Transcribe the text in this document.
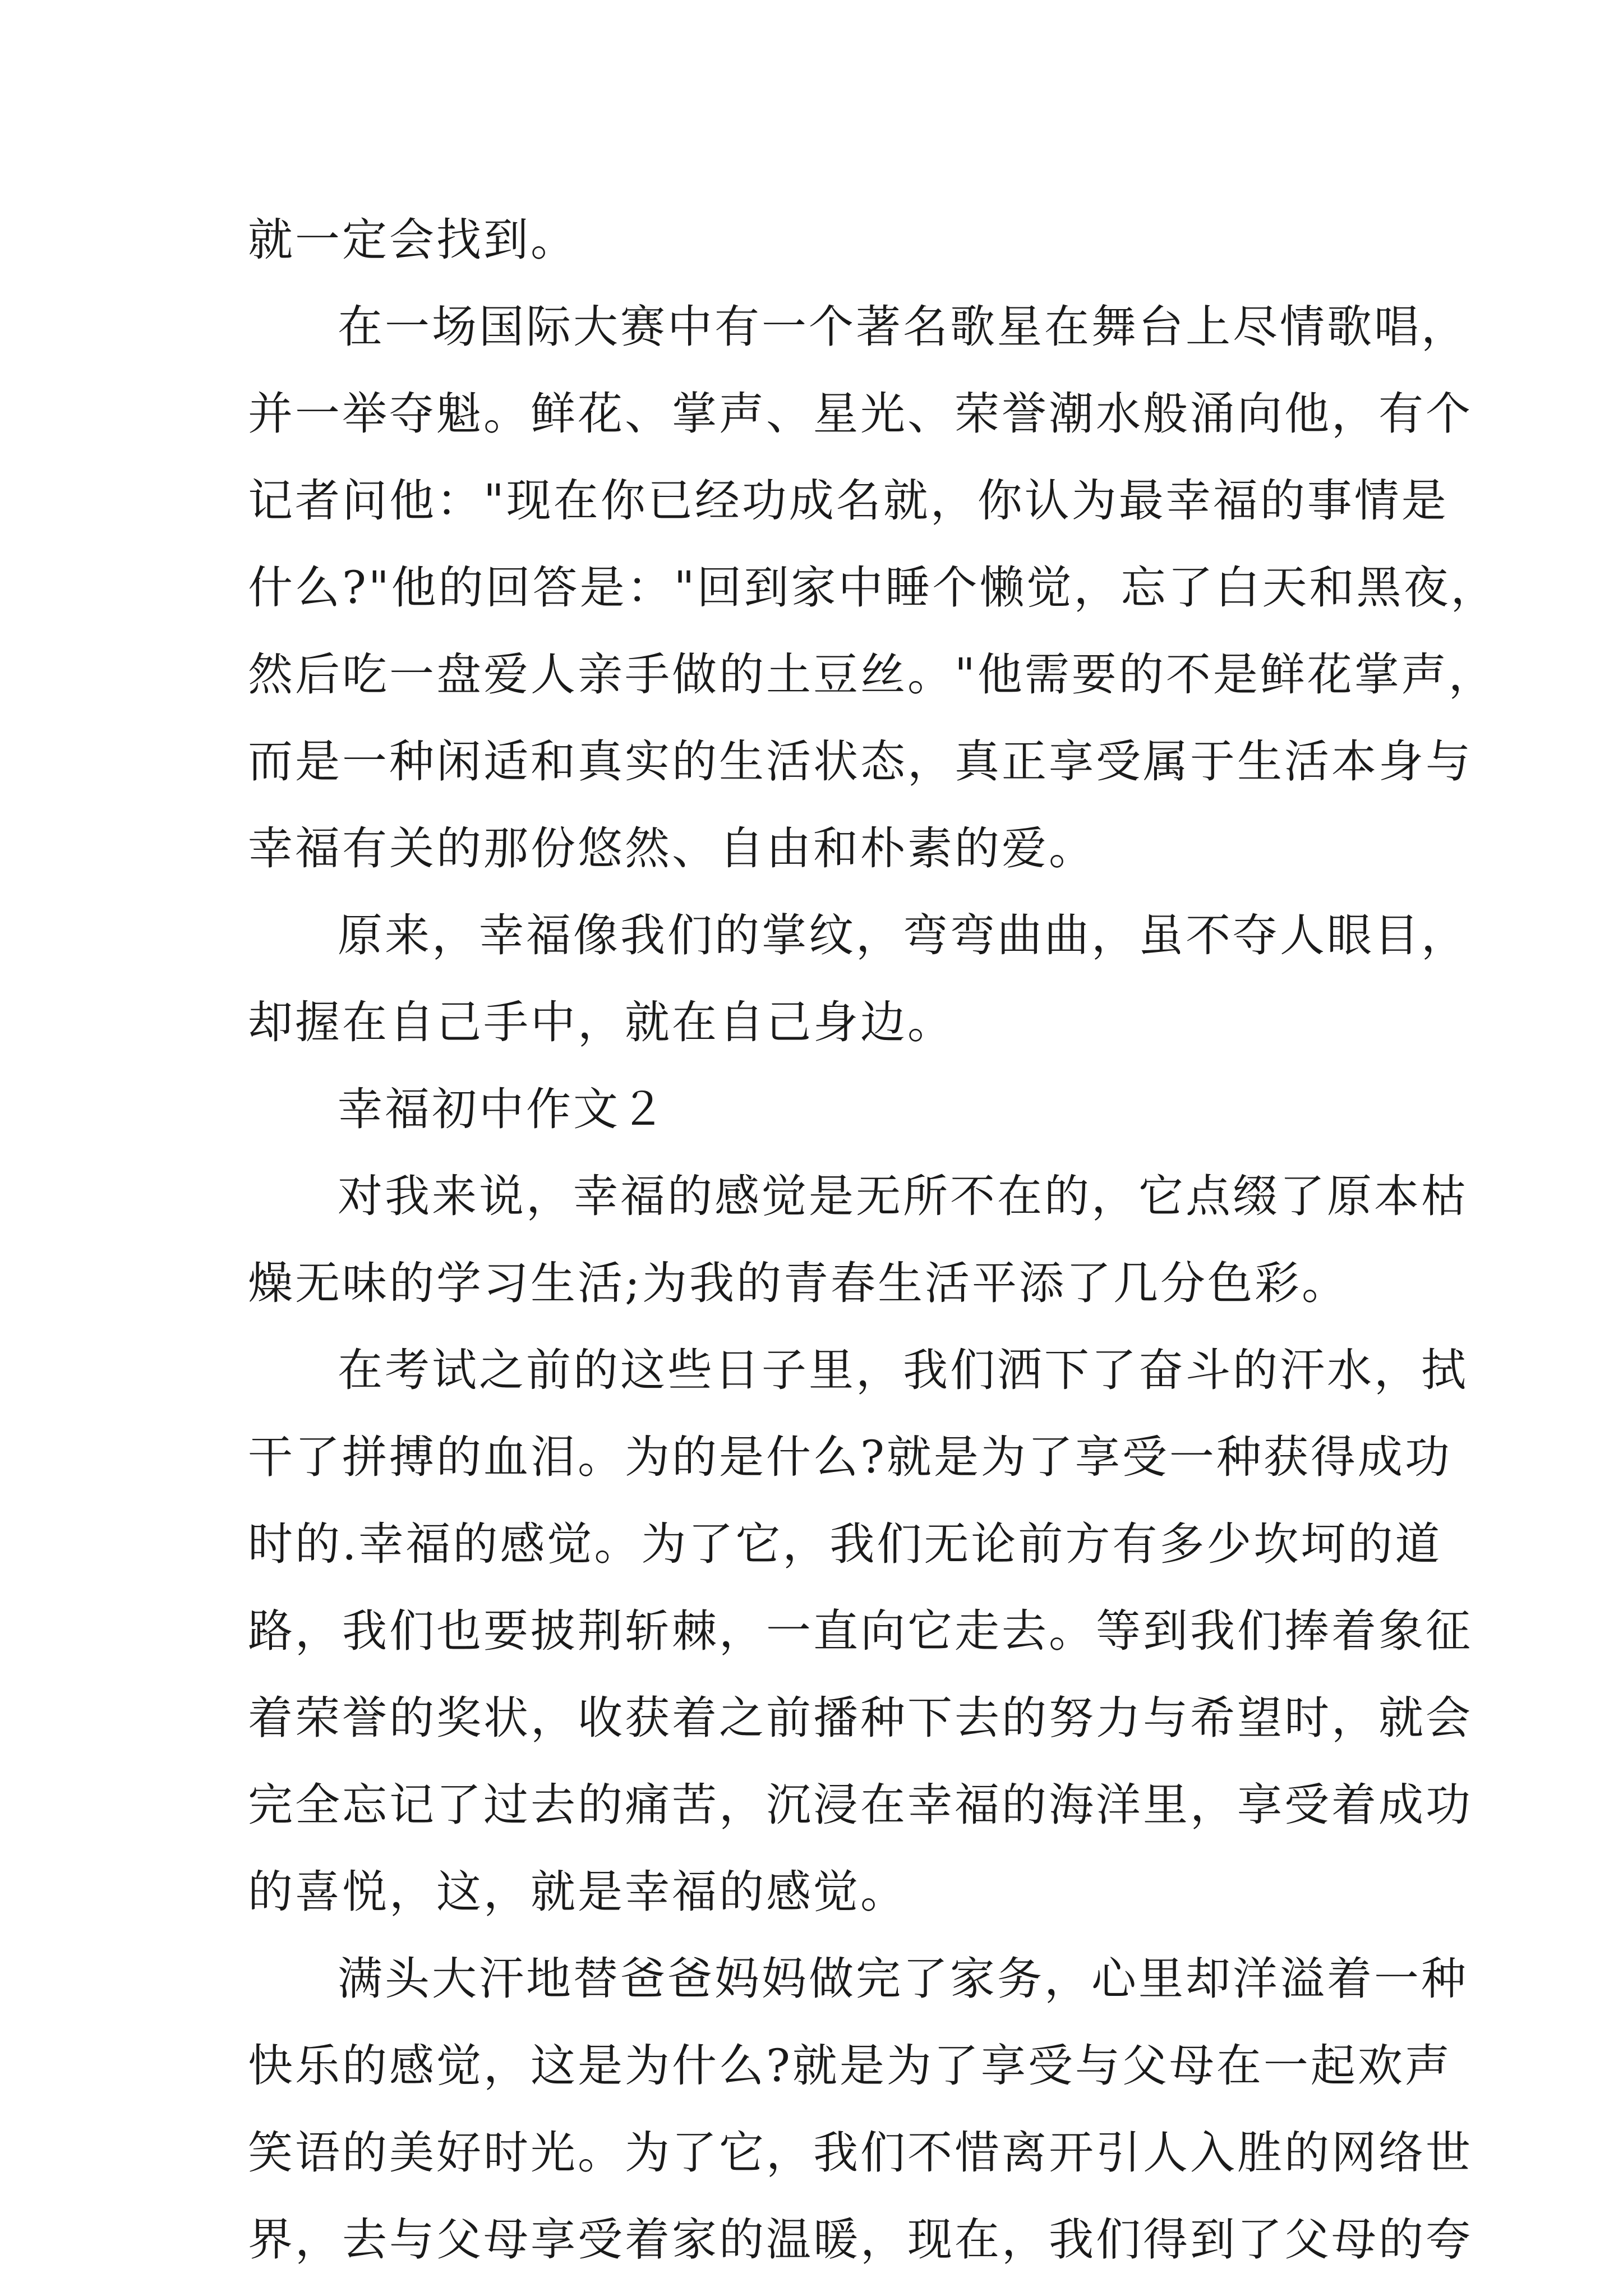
就一定会找到。
在一场国际大赛中有一个著名歌星在舞台上尽情歌唱，
并一举夺魁。鲜花、掌声、星光、荣誉潮水般涌向他，有个
记者问他："现在你已经功成名就，你认为最幸福的事情是
什么?"他的回答是："回到家中睡个懒觉，忘了白天和黑夜，
然后吃一盘爱人亲手做的土豆丝。"他需要的不是鲜花掌声，
而是一种闲适和真实的生活状态，真正享受属于生活本身与
幸福有关的那份悠然、自由和朴素的爱。
原来，幸福像我们的掌纹，弯弯曲曲，虽不夺人眼目，
却握在自己手中，就在自己身边。
幸福初中作文２
对我来说，幸福的感觉是无所不在的，它点缀了原本枯
燥无味的学习生活;为我的青春生活平添了几分色彩。
在考试之前的这些日子里，我们洒下了奋斗的汗水，拭
干了拼搏的血泪。为的是什么?就是为了享受一种获得成功
时的.幸福的感觉。为了它，我们无论前方有多少坎坷的道
路，我们也要披荆斩棘，一直向它走去。等到我们捧着象征
着荣誉的奖状，收获着之前播种下去的努力与希望时，就会
完全忘记了过去的痛苦，沉浸在幸福的海洋里，享受着成功
的喜悦，这，就是幸福的感觉。
满头大汗地替爸爸妈妈做完了家务，心里却洋溢着一种
快乐的感觉，这是为什么?就是为了享受与父母在一起欢声
笑语的美好时光。为了它，我们不惜离开引人入胜的网络世
界，去与父母享受着家的温暖，现在，我们得到了父母的夸
